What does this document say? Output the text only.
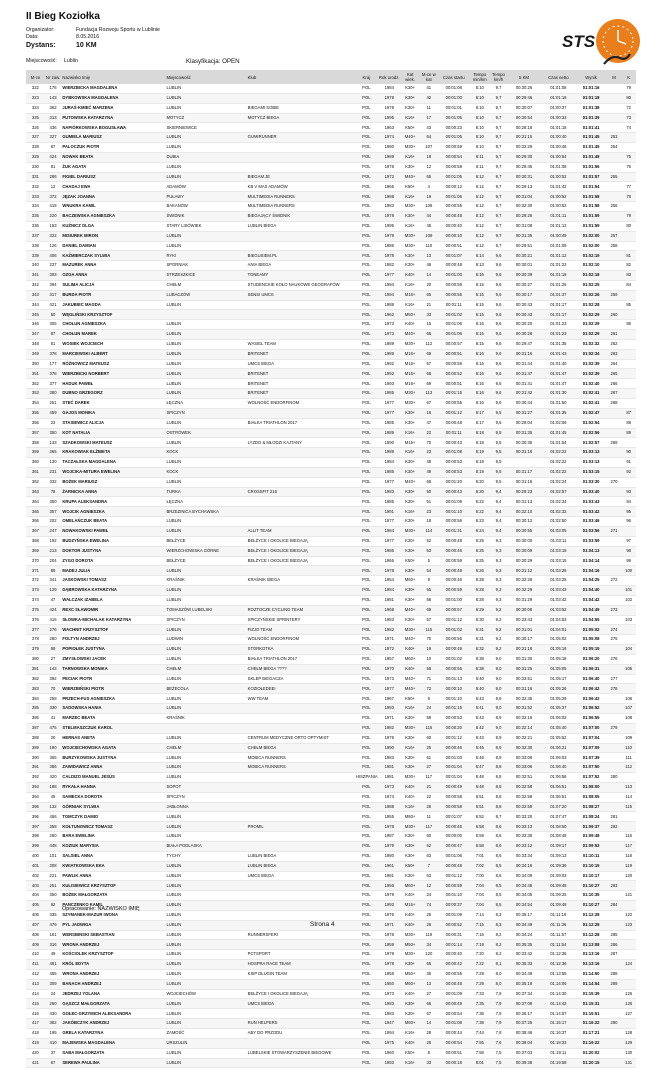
II Bieg Koziołka
Organizator:	Fundacja Rozwoju Sportu w Lublinie
Data:	8.05.2016
Dystans:	10 KM
Miejscowość:	Lublin	Klasyfikacja: OPEN
STS
M-ce	Nr zaw.	Nazwisko Imię	Miejscowość	Klub	Kraj	Rok urodz.	Kat wiek.	M-ce w kat	Czas startu	Tempo min/km	Tempo km/h	5 KM	Czas netto	Wynik	M	K
322	176	WIERZBICKA MAGDALENA	LUBLIN		POL	1984	K30+	41	00:01:08	6:10	9,7	00:30:26	01:01:08	01:01:16		79
323	143	DYBKOWSKA MAGDALENA	LUBLIN		POL	1978	K30+	42	00:01:00	6:10	9,7	00:29:46	01:01:18	01:01:18		80
324	362	JURAŚ-KMIEĆ MARZENA	LUBLIN	BIEGAMI SOBIE	POL	1978	K30+	11	00:01:01	6:10	9,7	00:30:07	01:00:37	01:01:38		72
325	313	PUTOWSKA KATARZYNA	MOTYCZ	MOTYCZ BIEGA	POL	1995	K16+	17	00:01:05	6:10	9,7	00:30:54	01:00:33	01:01:39		73
326	436	NAPIÓRKOWSKA BOGUSŁAWA	SKIERNIEWICE		POL	1963	K50+	43	00:00:23	6:10	9,7	00:28:18	01:01:18	01:01:41		74
327	327	GUMIELA MARIUSZ	LUBLIN	GUMIRUNNER	POL	1974	M40+	64	00:01:05	6:10	9,7	00:31:15	01:00:40	01:01:45	253	
328	87	PALOCZUK PIOTR	LUBLIN		POL	1980	M30+	107	00:00:59	6:10	9,7	00:32:29	01:00:46	01:01:45	254	
329	424	NOWAK BEATA	DUBIA		POL	1989	K16+	18	00:00:54	6:11	9,7	00:29:30	01:00:54	01:01:48		75
330	81	ŻUK AGATA	LUBLIN		POL	1978	K30+	12	00:00:58	6:11	9,7	00:29:46	01:01:08	01:01:56		76
331	286	FIGIEL DARIUSZ	LUBLIN	BIEGAM.JE	POL	1972	M40+	65	00:01:05	6:12	9,7	00:30:31	01:00:52	01:01:57	255	
332	12	CHADAJ EWA	ADAMÓW	KB V MAX ADAMÓW	POL	1965	K50+	4	00:00:12	6:12	9,7	00:29:13	01:01:42	01:01:54		77
333	372	JĘZAK JOANNA	PUŁAWY	MULTIMEDIA RUNNERS	POL	1988	K16+	19	00:01:06	6:12	9,7	00:31:04	01:00:52	01:01:58		78
334	418	WNUKRA KAMIL	BAKANÓW	MULTIMEDIA RUNNERS	POL	1983	M30+	108	00:00:55	6:12	9,7	00:32:30	01:00:52	01:01:58	256	
335	220	BACZEWSKA AGNIESZKA	ŚWIDNIK	BIEGAJĄCY ŚWIDNIK	POL	1978	K30+	44	00:00:48	6:12	9,7	00:29:26	01:01:11	01:01:59		79
336	153	KUŹNICZ OLGA	STARY LISÓWIEK	LUBLIN BIEGA	POL	1995	K16+	45	00:00:40	6:12	9,7	00:31:08	01:01:12	01:01:59		80
337	322	MISIUREK MIRON	LUBLIN		POL	1979	M30+	109	00:00:10	6:12	9,7	00:31:35	01:00:49	01:02:00	257	
338	126	DANIEL DAMIAN	LUBLIN		POL	1986	M30+	110	00:00:51	6:12	9,7	00:29:51	01:01:09	01:02:00	258	
339	406	KAŹMIERCZAK SYLWIA	RYKI	BIEGUSIEM.PL	POL	1978	K30+	13	00:01:07	6:14	9,6	00:30:21	01:01:12	01:02:19		81
340	237	MAZUREK ANNA	SPORNIAK	ANIA BIEGA	POL	1982	K30+	46	00:00:48	6:13	9,6	00:30:01	01:01:22	01:02:10		82
341	303	OZGA ANNA	STRZESZKICE	TONEAMY	POL	1977	K40+	14	00:01:00	6:16	9,6	00:30:39	01:01:18	01:02:18		83
342	394	SULIMA ALICJA	CHEŁM	STUDENCKIE KOŁO NAUKOWE GEOGRAFÓW	POL	1994	K16+	20	00:00:59	6:15	9,6	00:30:27	01:01:26	01:02:25		84
343	317	BURDA PIOTR	LUBACZÓW	SENSI UMCS	POL	1994	M16+	65	00:00:55	6:15	9,6	00:30:17	01:01:37	01:02:26	259	
344	421	JAKUBIEC MAGDA	LUBLIN		POL	1988	K16+	21	00:01:11	6:15	9,6	00:30:43	01:01:17	01:02:28		85
345	50	WĘGLIŃSKI KRZYSZTOF			POL	1962	M50+	33	00:01:02	6:15	9,6	00:30:43	01:01:17	01:02:29	260	
346	305	CHOŁUN AGNIESZKA	LUBLIN		POL	1973	K40+	15	00:01:06	6:15	9,6	00:30:20	01:01:23	01:02:29		86
347	87	CHOŁUN MAREK	LUBLIN		POL	1973	M40+	66	00:01:06	6:15	9,6	00:30:28	01:01:23	01:02:29	261	
348	61	WOSIEK WOJCIECH	LUBLIN	WASIEL TEAM	POL	1989	M30+	112	00:00:57	6:15	9,6	00:29:47	01:01:35	01:02:32	262	
349	378	MARCIEWSKI ALBERT	LUBLIN	BRITENET	POL	1989	M16+	69	00:00:51	6:16	9,6	00:31:16	01:01:43	01:02:34	263	
350	177	RÓŻNOWICZ MATEUSZ	LUBLIN	UMCS BIEGA	POL	1992	M16+	67	00:00:59	6:16	9,6	00:31:44	01:01:40	01:02:39	264	
351	378	WIERZBICKI NORBERT	LUBLIN	BRITENET	POL	1992	M16+	68	00:00:52	6:16	9,6	00:31:47	01:01:47	01:02:39	265	
352	377	HADUK PAWEŁ	LUBLIN	BRITENET	POL	1993	M16+	69	00:00:51	6:16	9,6	00:31:41	01:01:47	01:02:40	266	
353	380	DUBNO GRZEGORZ	LUBLIN	BRITENET	POL	1985	M30+	113	00:01:15	6:16	9,6	00:31:42	01:01:30	01:02:41	267	
354	251	STEĆ DAREK	ŁĘCZNA	WOLNOŚĆ ENDORFINOM	POL	1977	M30+	67	00:00:55	6:16	9,6	00:30:44	01:01:50	01:02:41	268	
355	459	GAJOS MONIKA	SPICZYN		POL	1977	K30+	16	00:01:12	6:17	9,5	00:31:27	01:01:35	01:02:47		87
356	23	STASIEWICZ ALICJA	LUBLIN	BIAŁKA TRIATHLON 2017	POL	1985	K30+	47	00:00:48	6:17	9,5	00:29:04	01:02:06	01:02:54		88
357	350	KOT NATALIA	OSTRÓWEK		POL	1989	K16+	22	00:01:11	6:18	9,5	00:31:35	01:01:45	01:02:56		89
358	133	SZADKOWSKI MATEUSZ	LUBLIN	LYZDO & MŁODZI KAJTANY	POL	1990	M16+	70	00:00:43	6:18	9,5	00:30:35	01:01:54	01:02:57	269	
359	365	KRAKOWIAK ELŻBIETA	KOCK		POL	1989	K16+	23	00:01:08	6:19	9,5	00:31:16	01:02:22	01:03:13		90
360	130	TACZAŁSKA MAGDALENA	LUBLIN		POL	1984	K30+	48	00:00:53	6:19	9,5		01:02:22	01:03:13		91
361	231	WOJCIKA-MITURA EWELINA	KOCK		POL	1985	K30+	49	00:00:53	6:19	9,5	00:31:17	01:02:22	01:03:15		92
362	332	BOŻEK MARIUSZ	LUBLIN		POL	1977	M40+	68	00:01:20	6:20	9,5	00:31:16	01:02:24	01:03:30	270	
363	78	ŻARNICKA ANNA	TURKA	CROSSFIT 216	POL	1983	K30+	50	00:00:43	6:20	9,4	00:29:23	01:02:57	01:03:40		93
364	350	KRUPA ALEKSANDRA	ŁĘCZNA		POL	1985	K30+	51	00:01:09	6:22	9,4	00:31:13	01:02:34	01:03:43		94
365	357	WOJCIK AGNIESZKA	BRZEZINICA BYCHAWSKA		POL	1991	K16+	23	00:01:10	6:22	9,4	00:32:10	01:02:32	01:03:42		95
366	202	OMELAŃCZUK BEATA	LUBLIN		POL	1977	K30+	18	00:00:56	6:23	9,4	00:30:12	01:02:50	01:03:46		96
367	247	NOWAKOWSKI PAWEŁ	LUBLIN	ALLIT TEAM	POL	1984	M30+	114	00:01:31	6:24	9,4	00:30:55	01:03:05	01:03:56	271	
368	192	BUDZYŃSKA EWELINA	BEŁŻYCE	BEŁŻYCE I OKOLICE BIEGAJĄ	POL	1977	K30+	52	00:00:48	6:25	9,3	00:30:00	01:03:11	01:03:59		97
369	213	DOKTOR JUSTYNA	WIERZCHOWISKA GÓRNE	BEŁŻYCE I OKOLICE BIEGAJĄ	POL	1986	K30+	53	00:00:46	6:25	9,3	00:30:09	01:03:18	01:04:13		98
370	204	ZYGO DOROTA	BEŁŻYCE	BEŁŻYCE I OKOLICE BIEGAJĄ	POL	1966	K50+	5	00:00:59	6:25	9,3	00:30:29	01:03:15	01:04:14		99
371	89	MADEJ JULIA	LUBLIN		POL	1978	K30+	54	00:00:48	6:26	9,3	00:31:12	01:03:28	01:04:16		100
372	341	JASKOWSKI TOMASZ	KRAŚNIK	KRAŚNIK BIEGA	POL	1954	M60+	9	00:00:46	6:28	9,3	00:32:28	01:03:25	01:04:25	272	
373	129	DĄBROWSKA KATARZYNA	LUBLIN		POL	1984	K30+	55	00:00:59	6:28	9,3	00:32:29	01:03:43	01:04:40		101
374	47	WALCZAK IZABELA	LUBLIN		POL	1981	K30+	56	00:01:00	6:28	9,3	00:31:29	01:03:42	01:04:42		102
375	424	REXC SŁAWOMIR	TOMASZÓW LUBELSKI	ROZTOCZE CYCLING TEAM	POL	1968	M40+	69	00:00:57	6:29	9,2	00:30:08	01:03:52	01:04:49	273	
376	416	SŁOWKA-MICHALAK KATARZYNA	SPICZYN	SPICZYŃSKIE SPRINTERY	POL	1983	K30+	57	00:01:12	6:30	9,2	00:33:43	01:04:53	01:04:55		103
377	276	WACHNIT KRZYSZTOF	LUBLIN	FIZJO TEAM	POL	1982	M30+	115	00:01:02	6:31	9,2	00:31:01	01:04:01	01:05:02	274	
378	280	FOLTYN ANDRZEJ	LUDWIN	WOLNOŚĆ ENDORFINOM	POL	1971	M40+	70	00:00:56	6:31	9,2	00:30:17	01:05:02	01:05:08	275	
379	99	POPIOŁEK JUSTYNA	LUBLIN	STORKOTKA	POL	1972	K40+	19	00:00:49	6:32	9,2	00:31:18	01:05:16	01:05:15		104
380	27	ZMYSŁOWSKI JACEK	LUBLIN	BIAŁKA TRIATHLON 2017	POL	1957	M60+	10	00:01:02	6:38	9,0	00:31:30	01:05:18	01:06:20	276	
381	143	TARNOWSKA MONIKA	CHEŁM	CHEŁM BIEGA ????	POL	1970	K40+	58	00:00:56	6:38	9,0	00:31:25	01:05:05	01:06:31		105
382	392	PECIAK PIOTR	LUBLIN	SKLEP BIEGACZA	POL	1973	M40+	71	00:01:13	6:40	9,0	00:33:51	01:05:17	01:06:40	277	
383	70	WIERZBIŃSKI PIOTR	BEŻECOLA	KOZIOŁEDEEI	POL	1977	M40+	72	00:00:10	6:40	9,0	00:31:16	01:05:26	01:06:42	278	
384	258	PRZECH-FUS AGNIESZKA	LUBLIN	WW TEAM	POL	1967	K50+	6	00:01:10	6:43	8,9	00:32:45	01:05:29	01:06:42		106
385	330	SADOWSKA HANIA	LUBLIN		POL	1993	K16+	24	00:01:15	6:41	9,0	00:31:52	01:05:37	01:06:52		107
386	41	MARZEC BEATA	KRAŚNIK		POL	1971	K30+	59	00:00:53	6:43	8,9	00:32:16	01:06:02	01:06:55		108
387	475	STELMASZCZUK KAROL			POL	1982	M30+	116	00:00:20	6:42	9,0	00:32:14	01:05:40	01:07:00	279	
388	20	HERNAS ANETA	LUBLIN	CENTRUM MEDYCZNE ORTO OPTYMIST	POL	1979	K30+	60	00:01:12	6:43	8,9	00:32:21	01:05:52	01:07:04		109
389	190	WOJCIECHOWSKA AGATA	CHEŁM	CHEŁM BIEGA	POL	1990	K16+	25	00:00:46	6:45	8,9	00:32:30	01:06:21	01:07:09		110
390	365	BURZYKOWSKA JUSTYNA	LUBLIN	MOBICA RUNNERS	POL	1983	K30+	61	00:01:03	6:46	8,9	00:33:06	01:06:03	01:07:39		111
391	386	ZAWIDAWICZ ANNA	LUBLIN	MOBICA RUNNERS	POL	1981	K30+	27	00:01:04	6:47	8,8	00:33:06	01:06:40	01:07:50		112
392	420	CALDIZO MANUEL JESÚS	LUBLIN		HISZPANIA	1981	M30+	117	00:01:04	6:48	8,8	00:32:51	01:06:56	01:07:52	280	
393	188	RYKAŁA HANNA	SOPOT		POL	1973	K40+	21	00:00:49	6:48	8,8	00:32:58	01:06:51	01:08:00		113
394	45	SAMECKA DOROTA	SPICZYN		POL	1974	K40+	22	00:00:58	6:51	8,8	00:32:58	01:06:51	01:08:05		114
395	132	GÓRNIAK SYLWIA	JABŁONNA		POL	1988	K16+	26	00:00:58	6:51	8,8	00:32:59	01:07:20	01:08:27		115
396	456	TOMCZYK DAMIO	LUBLIN		POL	1955	M60+	11	00:01:07	6:52	8,7	00:33:20	01:07:47	01:08:24	281	
397	358	KOŁTUNOWICZ TOMASZ	LUBLIN	PROMIL	POL	1978	M30+	117	00:00:46	6:58	8,6	00:33:13	01:08:50	01:09:37	282	
398	260	BARA EWELINA	LUBLIN		POL	1987	K30+	60	00:00:00	6:59	8,6	00:33:35	01:08:48	01:09:48		116
399	448	KOZIUK MARYSIA	BIAŁA PODLASKA		POL	1979	K30+	62	00:00:47	6:58	8,6	00:33:12	01:09:17	01:09:53		117
400	101	SALSIEL ANNA	TYCHY	LUBLIN BIEGA	POL	1980	K30+	63	00:01:06	7:01	8,6	00:33:34	01:09:13	01:10:11		118
401	308	KWIATKOWSKA EKA	LUBLIN	LUBLIN BIEGA	POL	1961	K50+	7	00:00:48	7:02	8,5	00:34:18	01:09:36	01:10:15		119
402	221	PAWLIK ANNA	LUBLIN	UMCS BIEGA	POL	1981	K30+	63	00:01:12	7:00	8,6	00:34:09	01:09:03	01:10:17		120
403	251	KULISIEWICZ KRZYSZTOF	LUBLIN		POL	1956	M60+	12	00:00:59	7:04	8,5	00:34:48	01:09:48	01:10:27	283	
404	350	BOŻEK MAŁGORZATA	LUBLIN		POL	1979	K40+	24	00:01:10	7:04	8,5	00:34:05	01:09:25	01:10:35		121
405	62	PANCZENKO KAMIL	LUBLIN		POL	1993	M16+	74	00:00:37	7:04	8,5	00:34:54	01:09:48	01:10:27	284	
406	335	SZYMANEK-MAZUR IWONA	LUBLIN		POL	1976	K40+	25	00:01:09	7:14	8,3	00:35:17	01:11:19	01:12:28		122
407	479	PYL JADWIGA	LUBLIN		POL	1971	K40+	26	00:00:52	7:15	8,3	00:34:49	01:11:36	01:12:28		123
408	161	WERSBINSKI SEBASTIAN	LUBLIN	RUNNERSFERI	POL	1978	M30+	119	00:00:31	7:16	8,2	00:34:24	01:11:57	01:12:28	285	
409	316	WRONA ANDRZEJ	LUBLIN		POL	1959	M50+	34	00:01:14	7:19	8,2	00:35:35	01:11:54	01:13:08	286	
410	49	KOŚCIOLEK KRZYSZTOF	LUBLIN	PCTSPORT	POL	1978	M30+	120	00:00:40	7:20	8,2	00:33:42	01:12:36	01:13:16	287	
411	481	KRÓL EDYTA	LUBLIN	HOSPRA RACE TEAM	POL	1978	K30+	65	00:00:42	7:22	8,1	00:35:33	01:12:36	01:13:16		124
412	485	WRONA ANDRZEJ	LUBLIN	KSIP DŁUGIN TEAM	POL	1958	M50+	35	00:00:55	7:29	8,0	00:34:49	01:13:55	01:14:50	288	
413	309	BANACH ANDRZEJ	LUBLIN		POL	1950	M60+	13	00:00:48	7:29	8,0	00:35:19	01:14:06	01:14:54	289	
414	24	JEDRZEJ YOLANA	WOJCIECHÓW	BEŁŻYCE I OKOLICE BIEGAJĄ	POL	1973	K40+	27	00:01:09	7:33	7,9	00:37:34	01:14:30	01:15:39		125
415	260	GĄSZCZ MAŁGORZATA	LUBLIN	UMCS BIEGA	POL	1983	K30+	66	00:00:49	7:35	7,9	00:37:08	01:14:42	01:15:31		126
416	430	GOŁEC-GRZYMICH ALEKSANDRA	LUBLIN		POL	1983	K30+	67	00:00:54	7:36	7,9	00:36:17	01:14:57	01:15:51		127
417	382	JAKÓBCZYK ANDRZEJ	LUBLIN	RUN HELPERS	POL	1947	M60+	14	00:01:08	7:38	7,9	00:37:25	01:15:17	01:16:22	290	
418	195	GRELA KATARZYNA	ZAMOŚĆ	ABY DO PRZODU	POL	1994	K16+	28	00:00:44	7:44	7,8	00:38:46	01:16:37	01:17:21		128
419	410	MAJEWSKA MAGDALENA	URSZULIN		POL	1975	K40+	28	00:00:54	7:55	7,6	00:38:04	01:18:33	01:19:22		129
420	37	SABA MAŁGORZATA	LUBLIN	LUBELSKIE STOWARZYSZENIE BIEGOWE	POL	1960	K50+	8	00:00:51	7:58	7,5	00:37:03	01:19:11	01:20:02		130
421	67	SEREWA PAULINA	LUBLIN		POL	1993	K16+	33	00:00:18	8:01	7,5	00:39:38	01:19:58	01:20:15		131
Opracowanie: NAZWISKO IMIĘ
Strona 4
